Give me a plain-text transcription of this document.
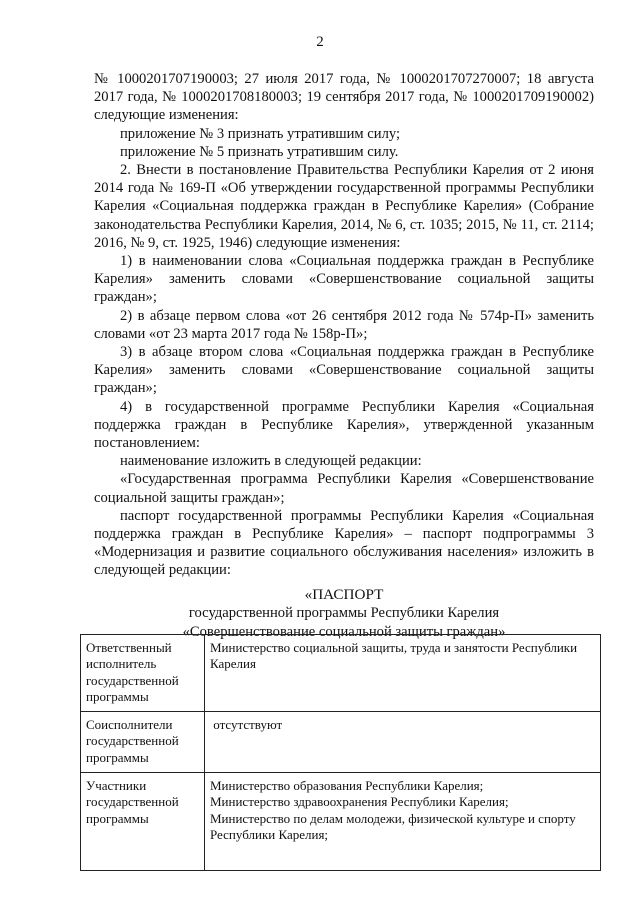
2

№ 1000201707190003; 27 июля 2017 года, № 1000201707270007; 18 августа 2017 года, № 1000201708180003; 19 сентября 2017 года, № 1000201709190002) следующие изменения:

приложение № 3 признать утратившим силу;

приложение № 5 признать утратившим силу.

2. Внести в постановление Правительства Республики Карелия от 2 июня 2014 года № 169-П «Об утверждении государственной программы Республики Карелия «Социальная поддержка граждан в Республике Карелия» (Собрание законодательства Республики Карелия, 2014, № 6, ст. 1035; 2015, № 11, ст. 2114; 2016, № 9, ст. 1925, 1946) следующие изменения:

1) в наименовании слова «Социальная поддержка граждан в Республике Карелия» заменить словами «Совершенствование социальной защиты граждан»;

2) в абзаце первом слова «от 26 сентября 2012 года № 574р-П» заменить словами «от 23 марта 2017 года № 158р-П»;

3) в абзаце втором слова «Социальная поддержка граждан в Республике Карелия» заменить словами «Совершенствование социальной защиты граждан»;

4) в государственной программе Республики Карелия «Социальная поддержка граждан в Республике Карелия», утвержденной указанным постановлением:

наименование изложить в следующей редакции:

«Государственная программа Республики Карелия «Совершенствование социальной защиты граждан»;

паспорт государственной программы Республики Карелия «Социальная поддержка граждан в Республике Карелия» – паспорт подпрограммы 3 «Модернизация и развитие социального обслуживания населения» изложить в следующей редакции:

«ПАСПОРТ
государственной программы Республики Карелия
«Совершенствование социальной защиты граждан»
Ответственный исполнитель государственной программы	Министерство социальной защиты, труда и занятости Республики Карелия

Соисполнители государственной программы	отсутствуют

Участники государственной программы	Министерство образования Республики Карелия;
Министерство здравоохранения Республики Карелия;
Министерство по делам молодежи, физической культуре и спорту Республики Карелия;
